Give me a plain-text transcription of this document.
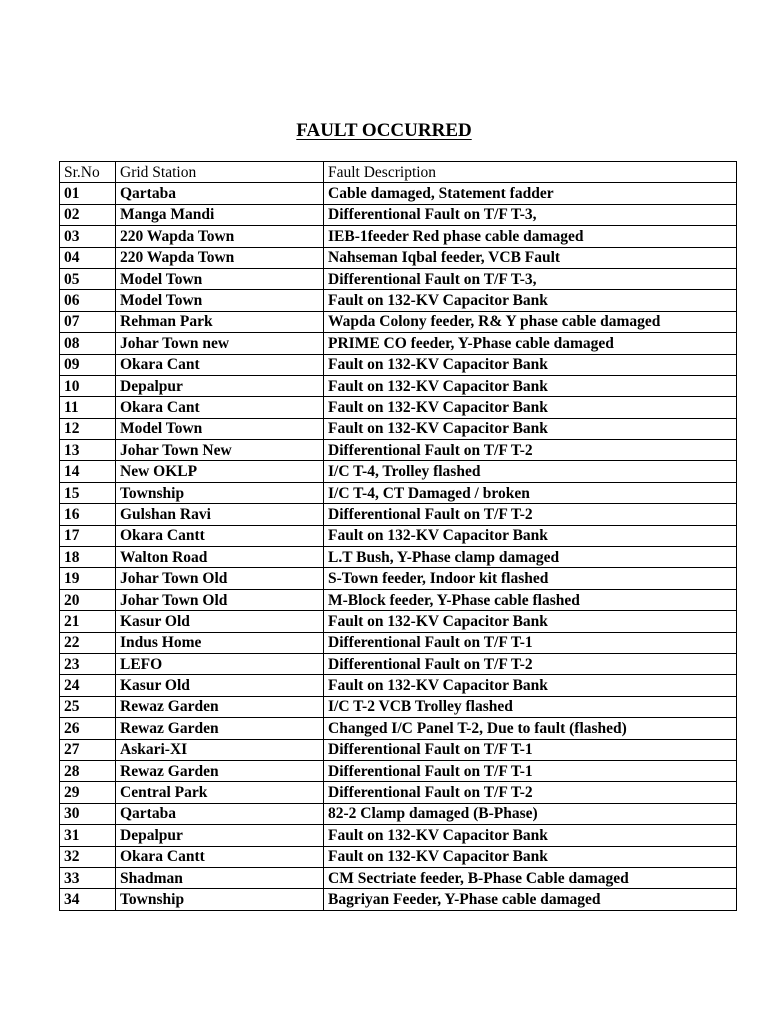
FAULT OCCURRED
Sr.No	Grid Station	Fault Description
01	Qartaba	Cable damaged, Statement fadder
02	Manga Mandi	Differentional Fault on T/F T-3,
03	220 Wapda Town	IEB-1feeder Red phase cable damaged
04	220 Wapda Town	Nahseman Iqbal feeder, VCB Fault
05	Model Town	Differentional Fault on T/F T-3,
06	Model Town	Fault on 132-KV Capacitor Bank
07	Rehman Park	Wapda Colony feeder, R& Y phase cable damaged
08	Johar Town new	PRIME CO feeder, Y-Phase cable damaged
09	Okara Cant	Fault on 132-KV Capacitor Bank
10	Depalpur	Fault on 132-KV Capacitor Bank
11	Okara Cant	Fault on 132-KV Capacitor Bank
12	Model Town	Fault on 132-KV Capacitor Bank
13	Johar Town New	Differentional Fault on T/F T-2
14	New OKLP	I/C T-4, Trolley flashed
15	Township	I/C T-4, CT Damaged / broken
16	Gulshan Ravi	Differentional Fault on T/F T-2
17	Okara Cantt	Fault on 132-KV Capacitor Bank
18	Walton Road	L.T Bush, Y-Phase clamp damaged
19	Johar Town Old	S-Town feeder, Indoor kit flashed
20	Johar Town Old	M-Block feeder, Y-Phase cable flashed
21	Kasur Old	Fault on 132-KV Capacitor Bank
22	Indus Home	Differentional Fault on T/F T-1
23	LEFO	Differentional Fault on T/F T-2
24	Kasur Old	Fault on 132-KV Capacitor Bank
25	Rewaz Garden	I/C T-2 VCB Trolley flashed
26	Rewaz Garden	Changed I/C Panel T-2, Due to fault (flashed)
27	Askari-XI	Differentional Fault on T/F T-1
28	Rewaz Garden	Differentional Fault on T/F T-1
29	Central Park	Differentional Fault on T/F T-2
30	Qartaba	82-2 Clamp damaged (B-Phase)
31	Depalpur	Fault on 132-KV Capacitor Bank
32	Okara Cantt	Fault on 132-KV Capacitor Bank
33	Shadman	CM Sectriate feeder, B-Phase Cable damaged
34	Township	Bagriyan Feeder, Y-Phase cable damaged
